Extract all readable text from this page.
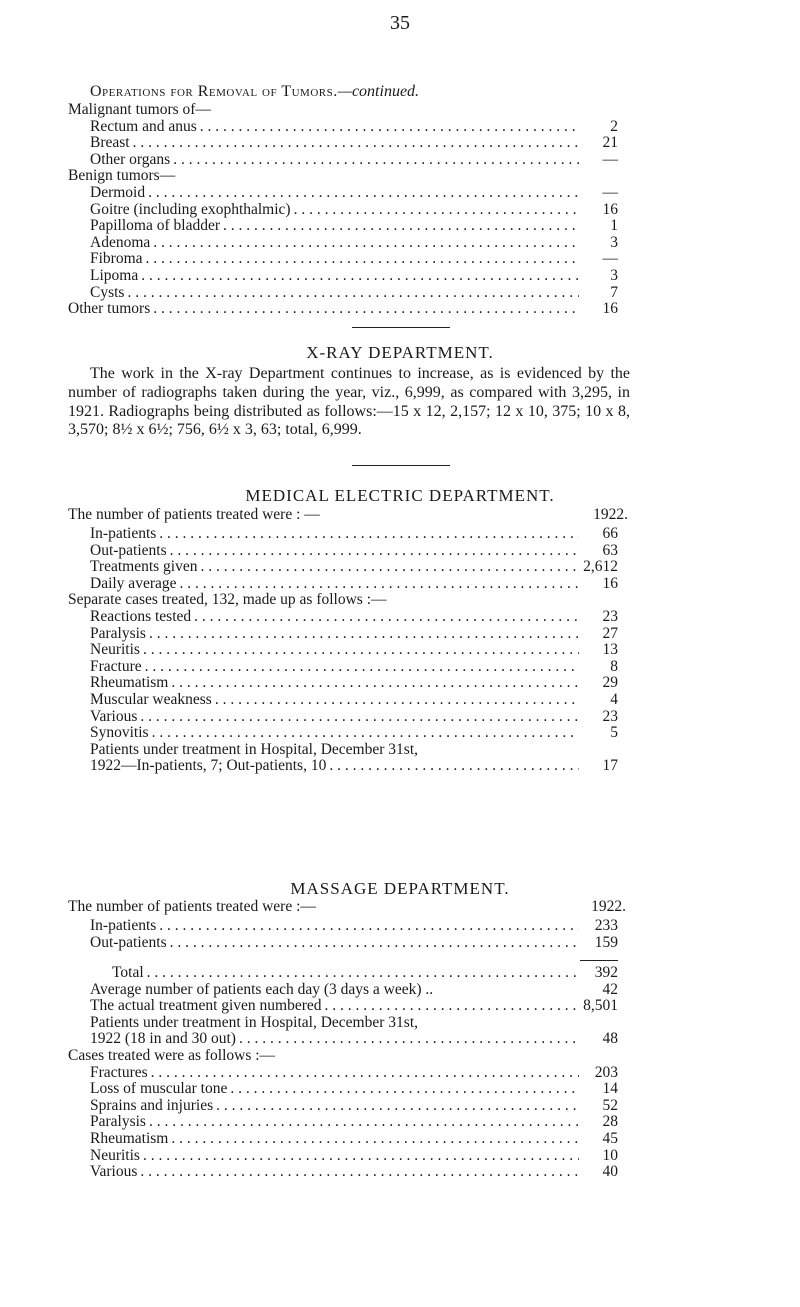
35
Operations for Removal of Tumors. —continued.
Malignant tumors of—
Rectum and anus . . .	2
Breast . . .	21
Other organs . . .	—
Benign tumors—
Dermoid . . .	—
Goitre (including exophthalmic) . . .	16
Papilloma of bladder . . .	1
Adenoma . . .	3
Fibroma . . .	—
Lipoma . . .	3
Cysts . . .	7
Other tumors . . .	16
X-RAY DEPARTMENT.
The work in the X-ray Department continues to increase, as is evidenced by the number of radiographs taken during the year, viz., 6,999, as compared with 3,295, in 1921. Radiographs being distributed as follows:—15 x 12, 2,157; 12 x 10, 375; 10 x 8, 3,570; 8½ x 6½; 756, 6½ x 3, 63; total, 6,999.
MEDICAL ELECTRIC DEPARTMENT.
The number of patients treated were : —	1922.
In-patients . . .	66
Out-patients . . .	63
Treatments given . . .	2,612
Daily average . . .	16
Separate cases treated, 132, made up as follows :—
Reactions tested . . .	23
Paralysis . . .	27
Neuritis . . .	13
Fracture . . .	8
Rheumatism . . .	29
Muscular weakness . . .	4
Various . . .	23
Synovitis . . .	5
Patients under treatment in Hospital, December 31st,
1922—In-patients, 7; Out-patients, 10 . . .	17
MASSAGE DEPARTMENT.
The number of patients treated were :—	1922.
In-patients . . .	233
Out-patients . . .	159
Total . . .	392
Average number of patients each day (3 days a week) ..	42
The actual treatment given numbered . . .	8,501
Patients under treatment in Hospital, December 31st,
1922 (18 in and 30 out) . . .	48
Cases treated were as follows :—
Fractures . . .	203
Loss of muscular tone . . .	14
Sprains and injuries . . .	52
Paralysis . . .	28
Rheumatism . . .	45
Neuritis . . .	10
Various . . .	40
